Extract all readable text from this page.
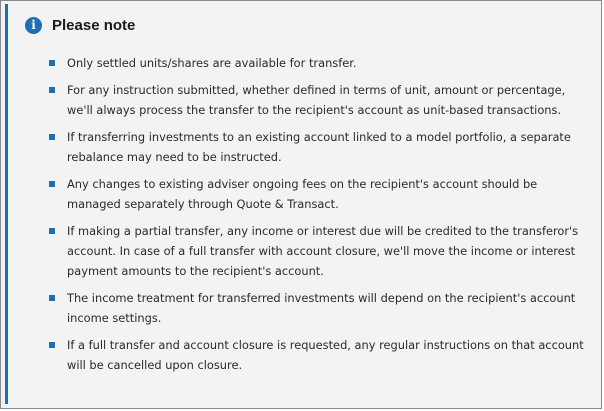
i	Please note
Only settled units/shares are available for transfer.
For any instruction submitted, whether defined in terms of unit, amount or percentage, we'll always process the transfer to the recipient's account as unit-based transactions.
If transferring investments to an existing account linked to a model portfolio, a separate rebalance may need to be instructed.
Any changes to existing adviser ongoing fees on the recipient's account should be managed separately through Quote & Transact.
If making a partial transfer, any income or interest due will be credited to the transferor's account. In case of a full transfer with account closure, we'll move the income or interest payment amounts to the recipient's account.
The income treatment for transferred investments will depend on the recipient's account income settings.
If a full transfer and account closure is requested, any regular instructions on that account will be cancelled upon closure.
